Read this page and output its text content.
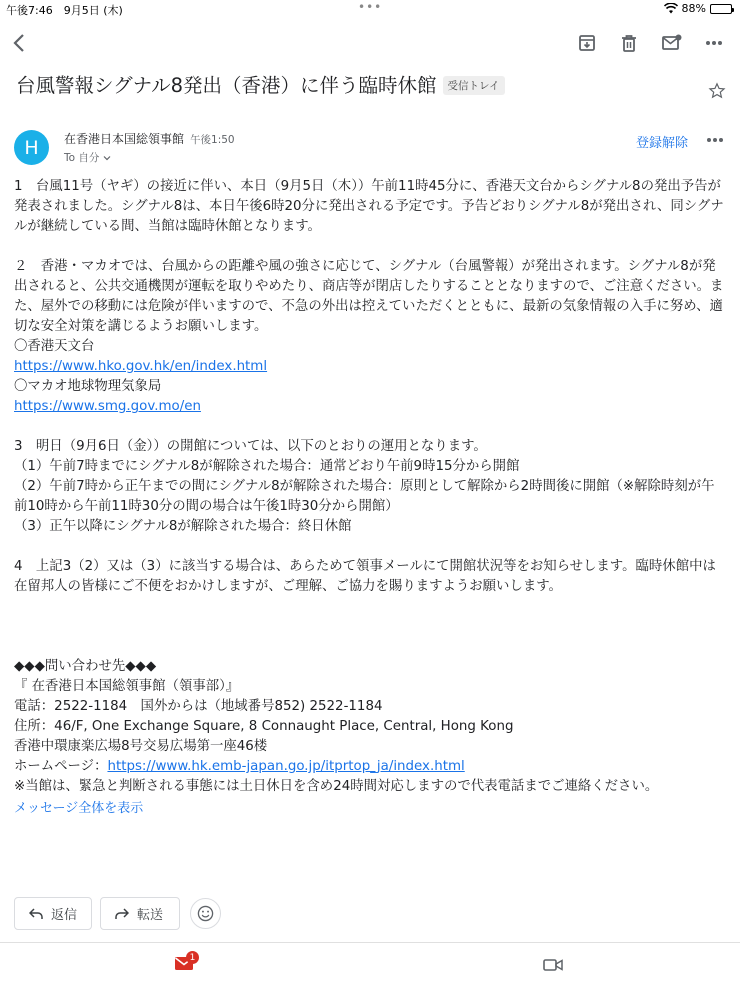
午後7:46　9月5日 (木)	•••	88%
台風警報シグナル8発出（香港）に伴う臨時休館 受信トレイ
H	在香港日本国総領事館 午後1:50
To 自分
登録解除

1　台風11号（ヤギ）の接近に伴い、本日（9月5日（木））午前11時45分に、香港天文台からシグナル8の発出予告が発表されました。シグナル8は、本日午後6時20分に発出される予定です。予告どおりシグナル8が発出され、同シグナルが継続している間、当館は臨時休館となります。

２　香港・マカオでは、台風からの距離や風の強さに応じて、シグナル（台風警報）が発出されます。シグナル8が発出されると、公共交通機関が運転を取りやめたり、商店等が閉店したりすることとなりますので、ご注意ください。また、屋外での移動には危険が伴いますので、不急の外出は控えていただくとともに、最新の気象情報の入手に努め、適切な安全対策を講じるようお願いします。

〇香港天文台

https://www.hko.gov.hk/en/index.html

〇マカオ地球物理気象局

https://www.smg.gov.mo/en

3　明日（9月6日（金））の開館については、以下のとおりの運用となります。

（1）午前7時までにシグナル8が解除された場合：通常どおり午前9時15分から開館

（2）午前7時から正午までの間にシグナル8が解除された場合：原則として解除から2時間後に開館（※解除時刻が午前10時から午前11時30分の間の場合は午後1時30分から開館）

（3）正午以降にシグナル8が解除された場合：終日休館

4　上記3（2）又は（3）に該当する場合は、あらためて領事メールにて開館状況等をお知らせします。臨時休館中は在留邦人の皆様にご不便をおかけしますが、ご理解、ご協力を賜りますようお願いします。

◆◆◆問い合わせ先◆◆◆

『 在香港日本国総領事館（領事部）』

電話：2522-1184　国外からは（地域番号852) 2522-1184

住所：46/F, One Exchange Square, 8 Connaught Place, Central, Hong Kong

香港中環康楽広場8号交易広場第一座46楼

ホームページ：https://www.hk.emb-japan.go.jp/itprtop_ja/index.html

※当館は、緊急と判断される事態には土日休日を含め24時間対応しますので代表電話までご連絡ください。

メッセージ全体を表示
返信	転送
1
